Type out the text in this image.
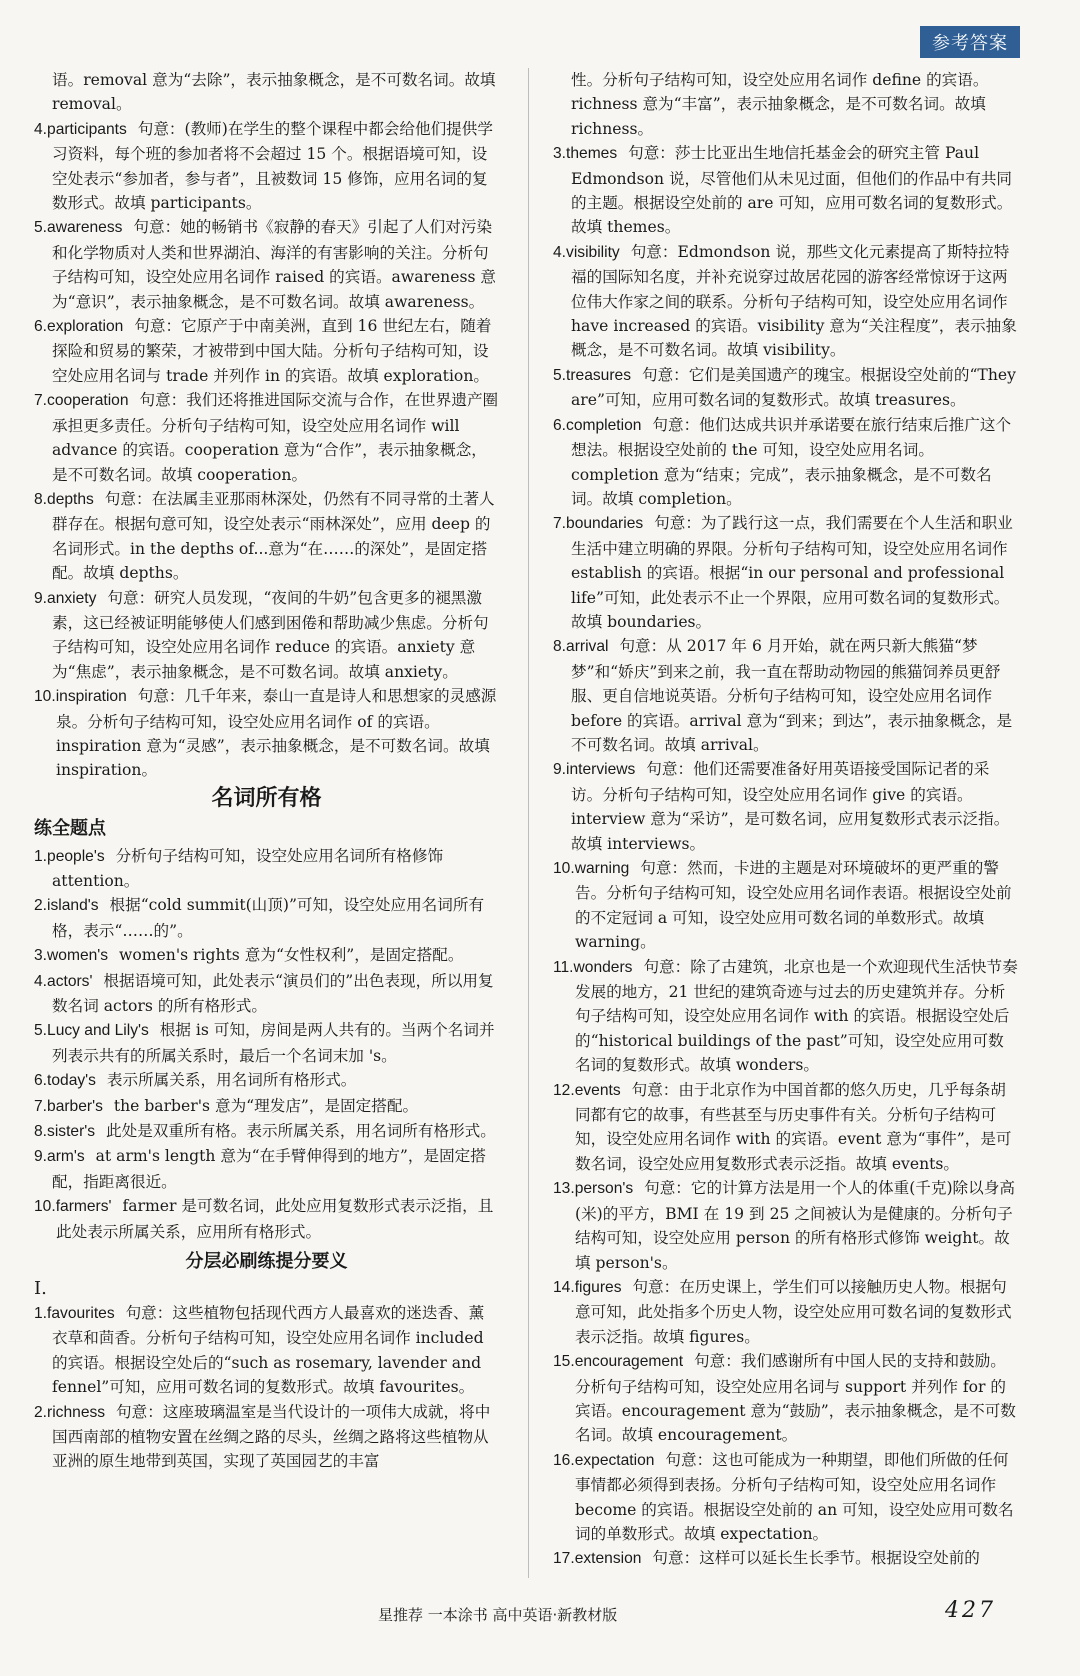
参考答案
语。removal 意为“去除”，表示抽象概念，是不可数名词。故填 removal。
4.participants 句意：(教师)在学生的整个课程中都会给他们提供学习资料，每个班的参加者将不会超过 15 个。根据语境可知，设空处表示“参加者，参与者”，且被数词 15 修饰，应用名词的复数形式。故填 participants。
5.awareness 句意：她的畅销书《寂静的春天》引起了人们对污染和化学物质对人类和世界湖泊、海洋的有害影响的关注。分析句子结构可知，设空处应用名词作 raised 的宾语。awareness 意为“意识”，表示抽象概念，是不可数名词。故填 awareness。
6.exploration 句意：它原产于中南美洲，直到 16 世纪左右，随着探险和贸易的繁荣，才被带到中国大陆。分析句子结构可知，设空处应用名词与 trade 并列作 in 的宾语。故填 exploration。
7.cooperation 句意：我们还将推进国际交流与合作，在世界遗产圈承担更多责任。分析句子结构可知，设空处应用名词作 will advance 的宾语。cooperation 意为“合作”，表示抽象概念，是不可数名词。故填 cooperation。
8.depths 句意：在法属圭亚那雨林深处，仍然有不同寻常的土著人群存在。根据句意可知，设空处表示“雨林深处”，应用 deep 的名词形式。in the depths of...意为“在……的深处”，是固定搭配。故填 depths。
9.anxiety 句意：研究人员发现，“夜间的牛奶”包含更多的褪黑激素，这已经被证明能够使人们感到困倦和帮助减少焦虑。分析句子结构可知，设空处应用名词作 reduce 的宾语。anxiety 意为“焦虑”，表示抽象概念，是不可数名词。故填 anxiety。
10.inspiration 句意：几千年来，泰山一直是诗人和思想家的灵感源泉。分析句子结构可知，设空处应用名词作 of 的宾语。inspiration 意为“灵感”，表示抽象概念，是不可数名词。故填 inspiration。
名词所有格
练全题点
1.people's 分析句子结构可知，设空处应用名词所有格修饰 attention。
2.island's 根据“cold summit(山顶)”可知，设空处应用名词所有格，表示“……的”。
3.women's women's rights 意为“女性权利”，是固定搭配。
4.actors' 根据语境可知，此处表示“演员们的”出色表现，所以用复数名词 actors 的所有格形式。
5.Lucy and Lily's 根据 is 可知，房间是两人共有的。当两个名词并列表示共有的所属关系时，最后一个名词末加 's。
6.today's 表示所属关系，用名词所有格形式。
7.barber's the barber's 意为“理发店”，是固定搭配。
8.sister's 此处是双重所有格。表示所属关系，用名词所有格形式。
9.arm's at arm's length 意为“在手臂伸得到的地方”，是固定搭配，指距离很近。
10.farmers' farmer 是可数名词，此处应用复数形式表示泛指，且此处表示所属关系，应用所有格形式。
分层必刷练提分要义
Ⅰ.
1.favourites 句意：这些植物包括现代西方人最喜欢的迷迭香、薰衣草和茴香。分析句子结构可知，设空处应用名词作 included 的宾语。根据设空处后的“such as rosemary, lavender and fennel”可知，应用可数名词的复数形式。故填 favourites。
2.richness 句意：这座玻璃温室是当代设计的一项伟大成就，将中国西南部的植物安置在丝绸之路的尽头，丝绸之路将这些植物从亚洲的原生地带到英国，实现了英国园艺的丰富
性。分析句子结构可知，设空处应用名词作 define 的宾语。richness 意为“丰富”，表示抽象概念，是不可数名词。故填 richness。
3.themes 句意：莎士比亚出生地信托基金会的研究主管 Paul Edmondson 说，尽管他们从未见过面，但他们的作品中有共同的主题。根据设空处前的 are 可知，应用可数名词的复数形式。故填 themes。
4.visibility 句意：Edmondson 说，那些文化元素提高了斯特拉特福的国际知名度，并补充说穿过故居花园的游客经常惊讶于这两位伟大作家之间的联系。分析句子结构可知，设空处应用名词作 have increased 的宾语。visibility 意为“关注程度”，表示抽象概念，是不可数名词。故填 visibility。
5.treasures 句意：它们是美国遗产的瑰宝。根据设空处前的“They are”可知，应用可数名词的复数形式。故填 treasures。
6.completion 句意：他们达成共识并承诺要在旅行结束后推广这个想法。根据设空处前的 the 可知，设空处应用名词。completion 意为“结束；完成”，表示抽象概念，是不可数名词。故填 completion。
7.boundaries 句意：为了践行这一点，我们需要在个人生活和职业生活中建立明确的界限。分析句子结构可知，设空处应用名词作 establish 的宾语。根据“in our personal and professional life”可知，此处表示不止一个界限，应用可数名词的复数形式。故填 boundaries。
8.arrival 句意：从 2017 年 6 月开始，就在两只新大熊猫“梦梦”和“娇庆”到来之前，我一直在帮助动物园的熊猫饲养员更舒服、更自信地说英语。分析句子结构可知，设空处应用名词作 before 的宾语。arrival 意为“到来；到达”，表示抽象概念，是不可数名词。故填 arrival。
9.interviews 句意：他们还需要准备好用英语接受国际记者的采访。分析句子结构可知，设空处应用名词作 give 的宾语。interview 意为“采访”，是可数名词，应用复数形式表示泛指。故填 interviews。
10.warning 句意：然而，卡进的主题是对环境破坏的更严重的警告。分析句子结构可知，设空处应用名词作表语。根据设空处前的不定冠词 a 可知，设空处应用可数名词的单数形式。故填 warning。
11.wonders 句意：除了古建筑，北京也是一个欢迎现代生活快节奏发展的地方，21 世纪的建筑奇迹与过去的历史建筑并存。分析句子结构可知，设空处应用名词作 with 的宾语。根据设空处后的“historical buildings of the past”可知，设空处应用可数名词的复数形式。故填 wonders。
12.events 句意：由于北京作为中国首都的悠久历史，几乎每条胡同都有它的故事，有些甚至与历史事件有关。分析句子结构可知，设空处应用名词作 with 的宾语。event 意为“事件”，是可数名词，设空处应用复数形式表示泛指。故填 events。
13.person's 句意：它的计算方法是用一个人的体重(千克)除以身高(米)的平方，BMI 在 19 到 25 之间被认为是健康的。分析句子结构可知，设空处应用 person 的所有格形式修饰 weight。故填 person's。
14.figures 句意：在历史课上，学生们可以接触历史人物。根据句意可知，此处指多个历史人物，设空处应用可数名词的复数形式表示泛指。故填 figures。
15.encouragement 句意：我们感谢所有中国人民的支持和鼓励。分析句子结构可知，设空处应用名词与 support 并列作 for 的宾语。encouragement 意为“鼓励”，表示抽象概念，是不可数名词。故填 encouragement。
16.expectation 句意：这也可能成为一种期望，即他们所做的任何事情都必须得到表扬。分析句子结构可知，设空处应用名词作 become 的宾语。根据设空处前的 an 可知，设空处应用可数名词的单数形式。故填 expectation。
17.extension 句意：这样可以延长生长季节。根据设空处前的
星推荐 一本涂书 高中英语·新教材版	427
